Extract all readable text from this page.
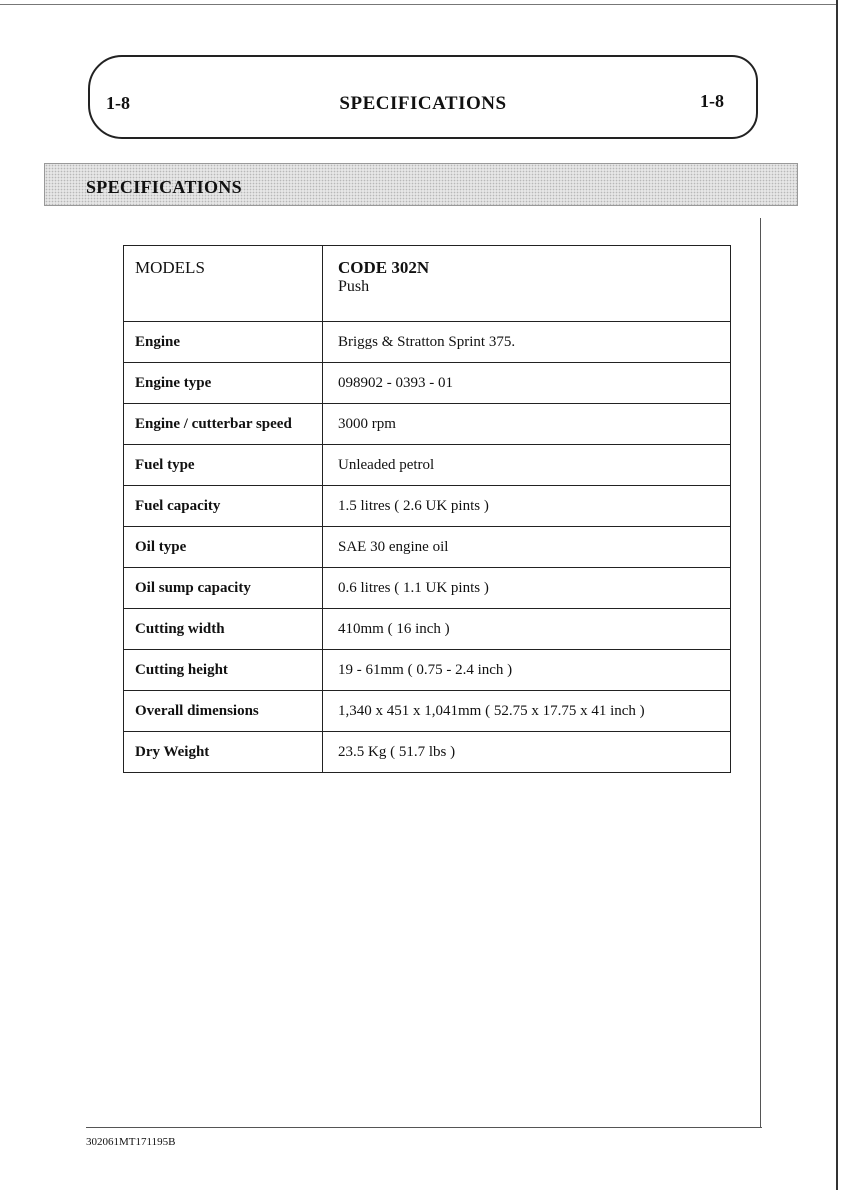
1-8	SPECIFICATIONS	1-8
SPECIFICATIONS
MODELS	CODE 302N
Push

Engine	Briggs & Stratton Sprint 375.
Engine type	098902 - 0393 - 01
Engine / cutterbar speed	3000 rpm
Fuel type	Unleaded petrol
Fuel capacity	1.5 litres ( 2.6 UK pints )
Oil type	SAE 30 engine oil
Oil sump capacity	0.6 litres ( 1.1 UK pints )
Cutting width	410mm ( 16 inch )
Cutting height	19 - 61mm ( 0.75 - 2.4 inch )
Overall dimensions	1,340 x 451 x 1,041mm ( 52.75 x 17.75 x 41 inch )
Dry Weight	23.5 Kg ( 51.7 lbs )
302061MT171195B
